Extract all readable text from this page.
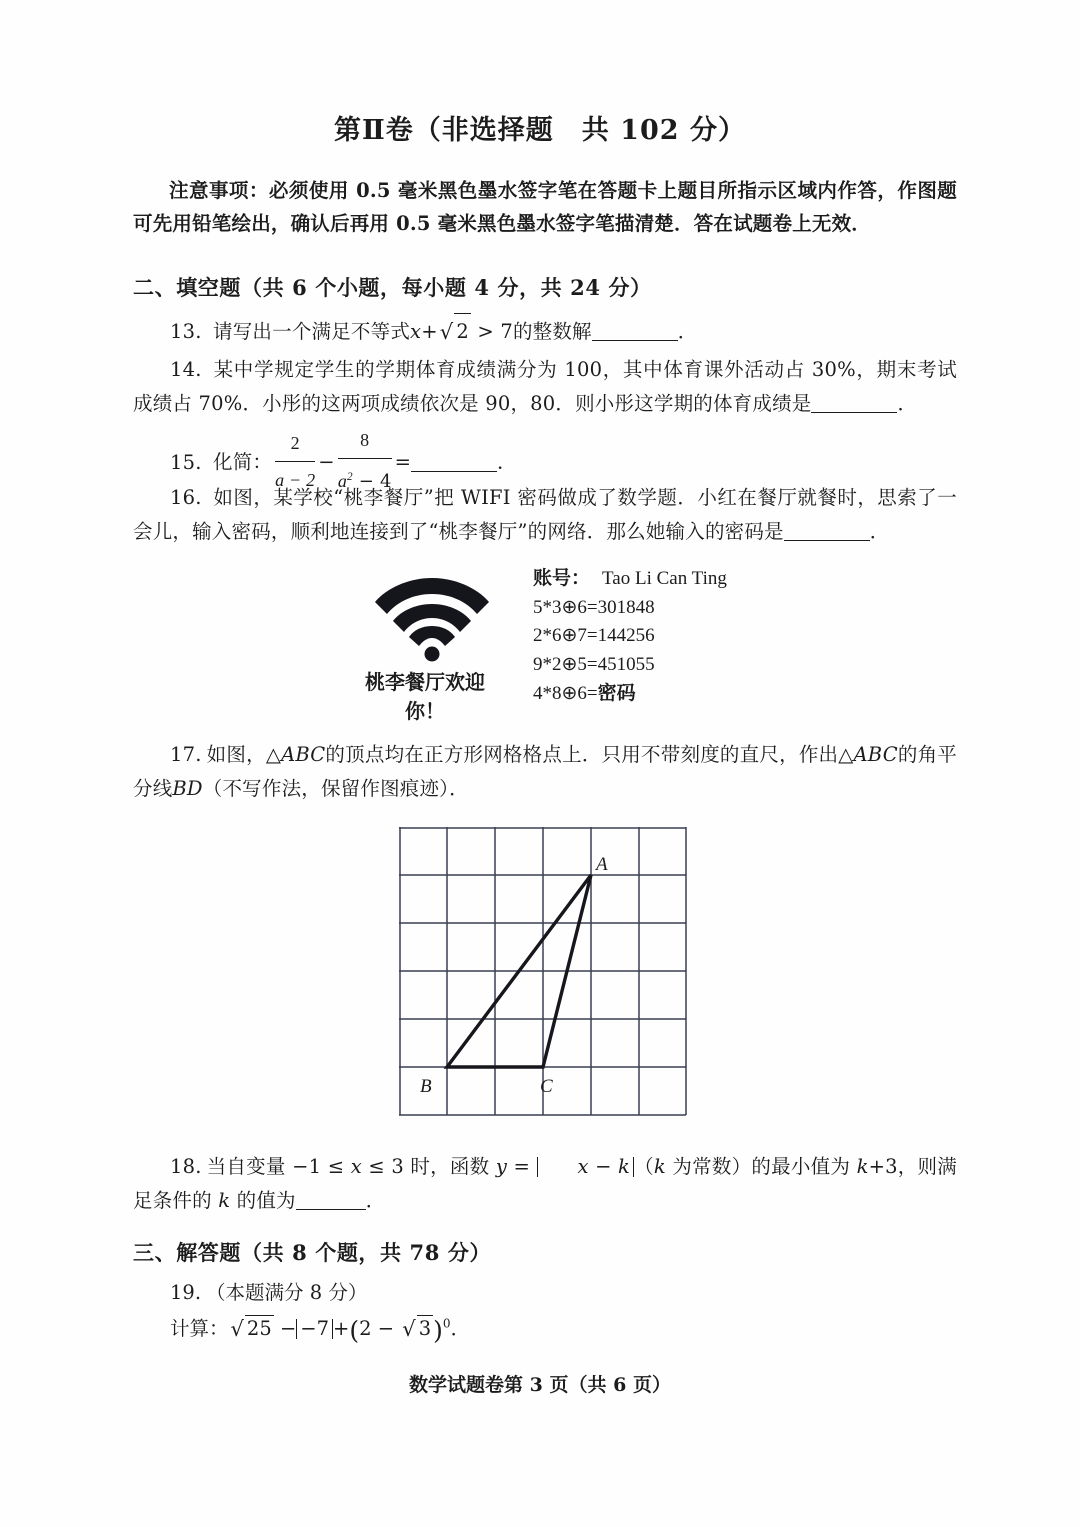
第Ⅱ卷（非选择题　共 102 分）
注意事项：必须使用 0.5 毫米黑色墨水签字笔在答题卡上题目所指示区域内作答，作图题可先用铅笔绘出，确认后再用 0.5 毫米黑色墨水签字笔描清楚．答在试题卷上无效．
二、填空题（共 6 个小题，每小题 4 分，共 24 分）
13. 请写出一个满足不等式x+√ 2 > 7的整数解	．
14. 某中学规定学生的学期体育成绩满分为 100，其中体育课外活动占 30%，期末考试成绩占 70%．小彤的这两项成绩依次是 90，80．则小彤这学期的体育成绩是	．
15. 化简： $\frac{2}{a - 2} - \frac{8}{a^2 - 4}$ =	．
16. 如图，某学校“桃李餐厅”把 WIFI 密码做成了数学题．小红在餐厅就餐时，思索了一会儿，输入密码，顺利地连接到了“桃李餐厅”的网络．那么她输入的密码是	．
桃李餐厅欢迎你！
账号： Tao Li Can Ting
5*3⊕6=301848
2*6⊕7=144256
9*2⊕5=451055
4*8⊕6=密码
17. 如图，△ABC的顶点均在正方形网格格点上．只用不带刻度的直尺，作出△ABC的角平分线BD（不写作法，保留作图痕迹）．
A
B	C
18. 当自变量 −1 ≤ x ≤ 3 时，函数 y = x − k （k 为常数）的最小值为 k+3，则满足条件的 k 的值为	．
三、解答题（共 8 个题，共 78 分）
19. （本题满分 8 分）
计算：√ 25 − −7 +(2 − √ 3)$^0$．
数学试题卷第 3 页（共 6 页）
